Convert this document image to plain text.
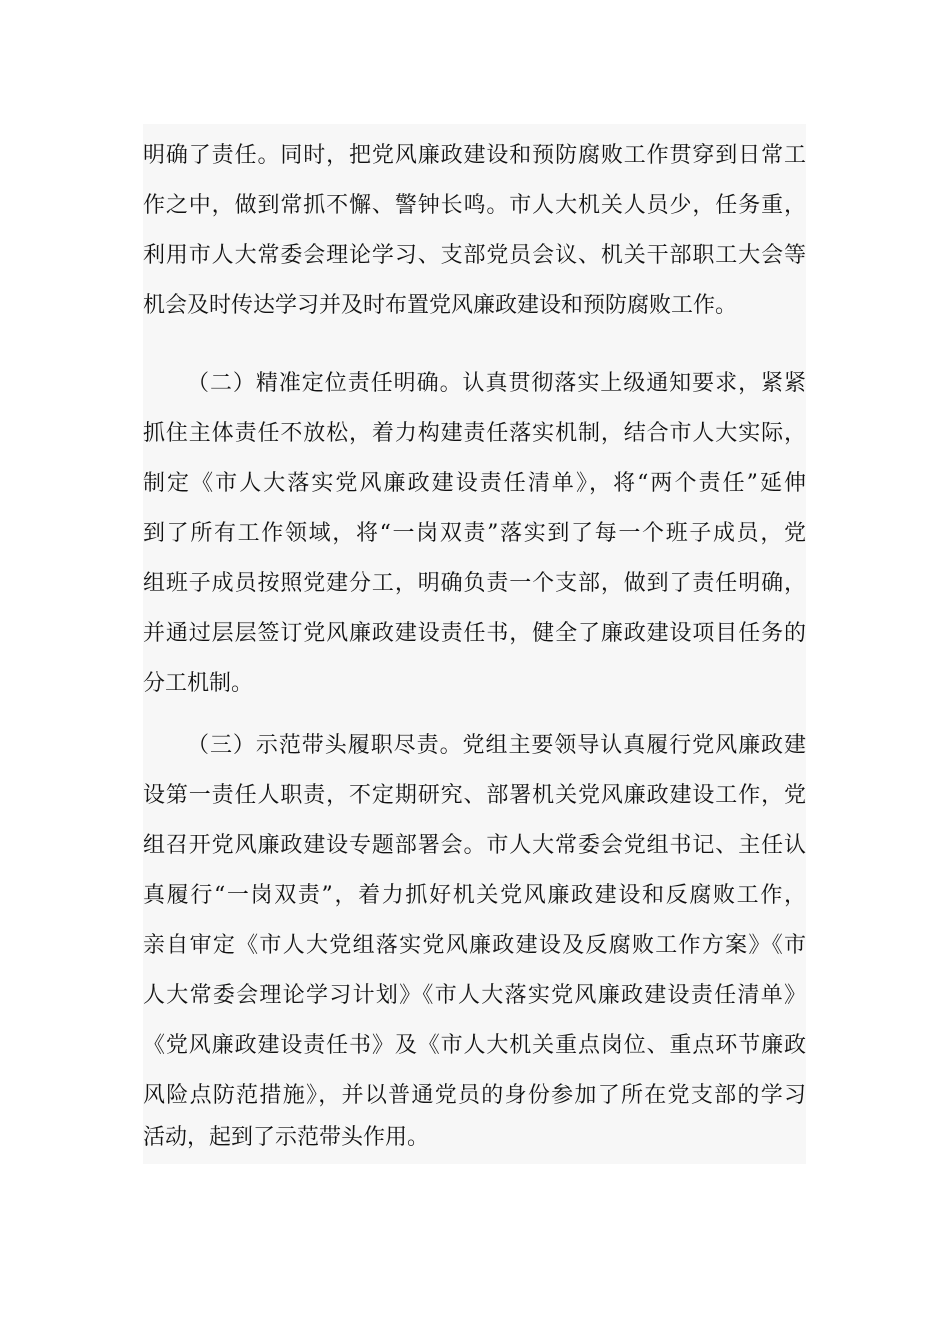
明确了责任。同时，把党风廉政建设和预防腐败工作贯穿到日常工
作之中，做到常抓不懈、警钟长鸣。市人大机关人员少，任务重，
利用市人大常委会理论学习、支部党员会议、机关干部职工大会等
机会及时传达学习并及时布置党风廉政建设和预防腐败工作。
（二）精准定位责任明确。认真贯彻落实上级通知要求，紧紧
抓住主体责任不放松，着力构建责任落实机制，结合市人大实际，
制定《市人大落实党风廉政建设责任清单》，将“两个责任”延伸
到了所有工作领域，将“一岗双责”落实到了每一个班子成员，党
组班子成员按照党建分工，明确负责一个支部，做到了责任明确，
并通过层层签订党风廉政建设责任书，健全了廉政建设项目任务的
分工机制。
（三）示范带头履职尽责。党组主要领导认真履行党风廉政建
设第一责任人职责，不定期研究、部署机关党风廉政建设工作，党
组召开党风廉政建设专题部署会。市人大常委会党组书记、主任认
真履行“一岗双责”，着力抓好机关党风廉政建设和反腐败工作，
亲自审定《市人大党组落实党风廉政建设及反腐败工作方案》《市
人大常委会理论学习计划》《市人大落实党风廉政建设责任清单》
《党风廉政建设责任书》及《市人大机关重点岗位、重点环节廉政
风险点防范措施》，并以普通党员的身份参加了所在党支部的学习
活动，起到了示范带头作用。
